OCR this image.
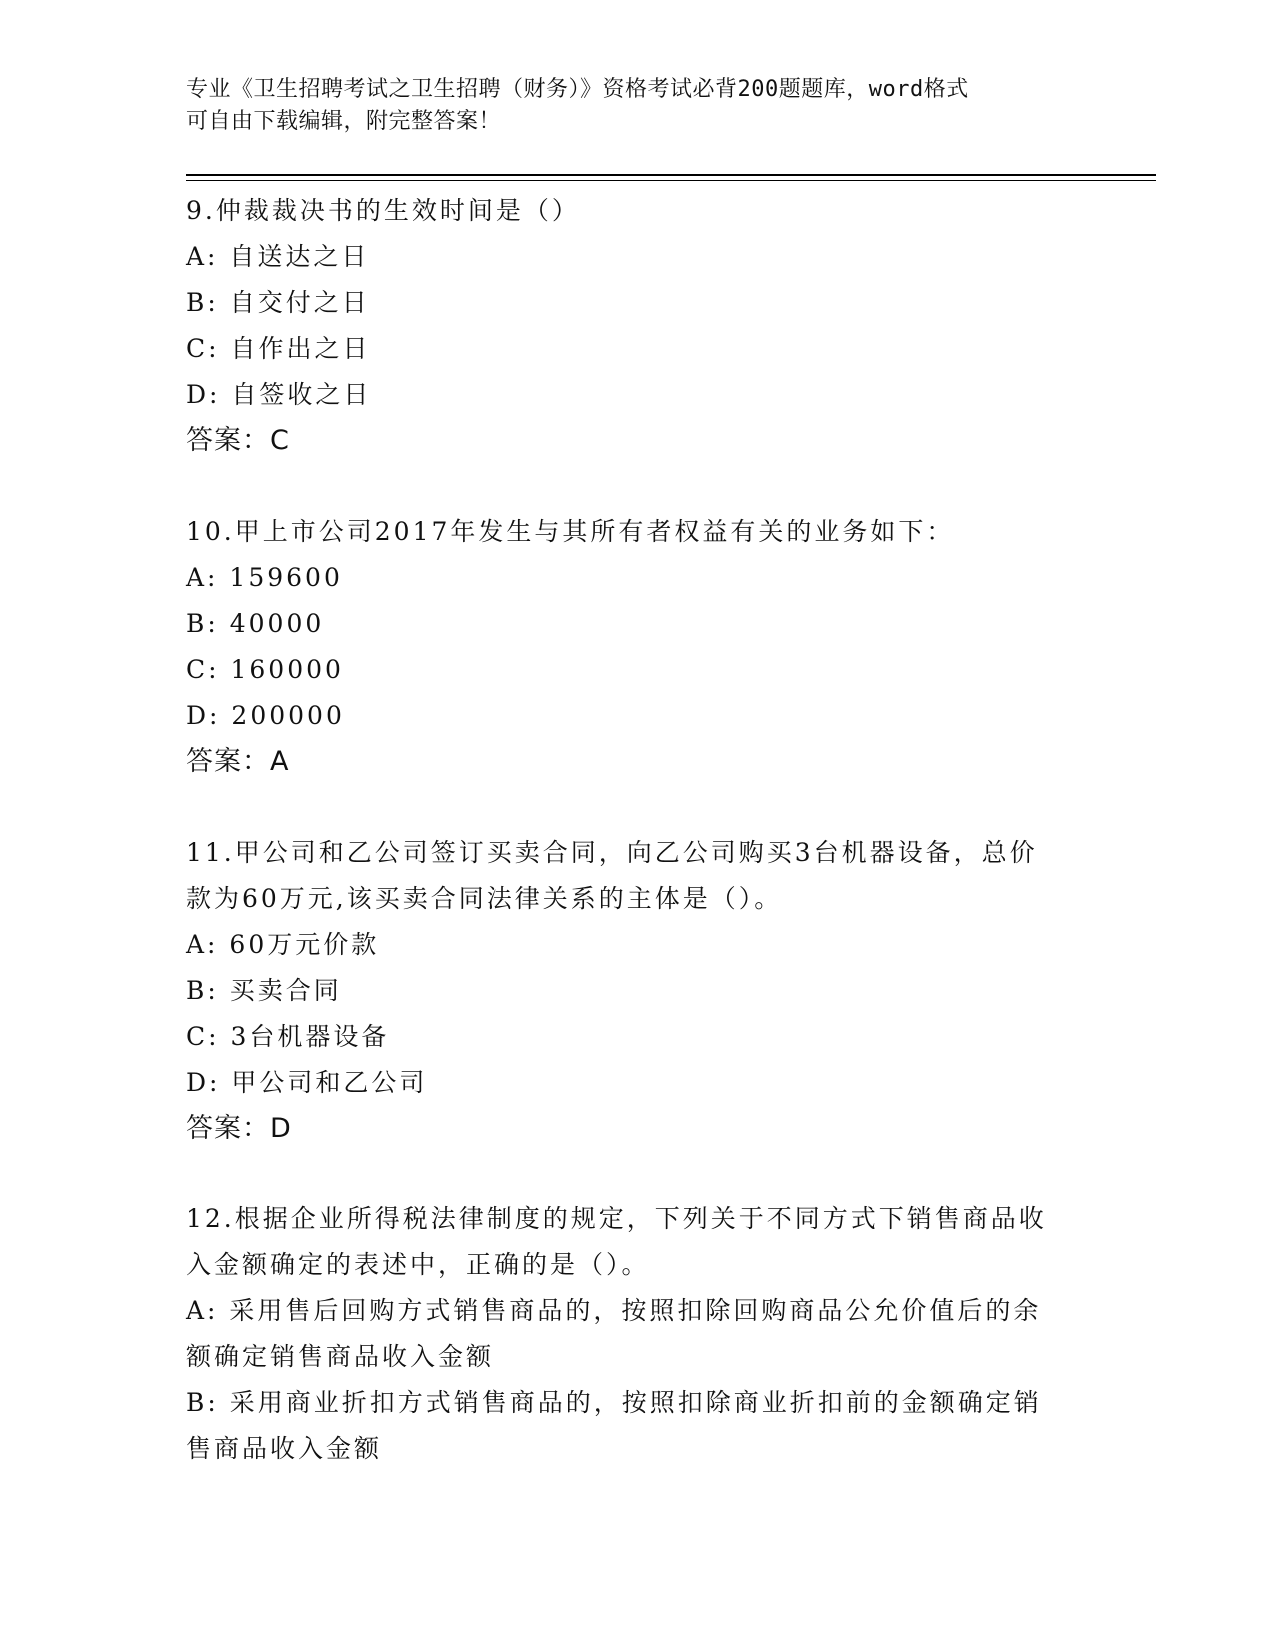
专业《卫生招聘考试之卫生招聘（财务）》资格考试必背200题题库，word格式
可自由下载编辑，附完整答案！
9.仲裁裁决书的生效时间是（）
A: 自送达之日
B: 自交付之日
C: 自作出之日
D: 自签收之日
答案：C
10.甲上市公司2017年发生与其所有者权益有关的业务如下：
A: 159600
B: 40000
C: 160000
D: 200000
答案：A
11.甲公司和乙公司签订买卖合同，向乙公司购买3台机器设备，总价
款为60万元,该买卖合同法律关系的主体是（）。
A: 60万元价款
B: 买卖合同
C: 3台机器设备
D: 甲公司和乙公司
答案：D
12.根据企业所得税法律制度的规定，下列关于不同方式下销售商品收
入金额确定的表述中，正确的是（）。
A: 采用售后回购方式销售商品的，按照扣除回购商品公允价值后的余
额确定销售商品收入金额
B: 采用商业折扣方式销售商品的，按照扣除商业折扣前的金额确定销
售商品收入金额
